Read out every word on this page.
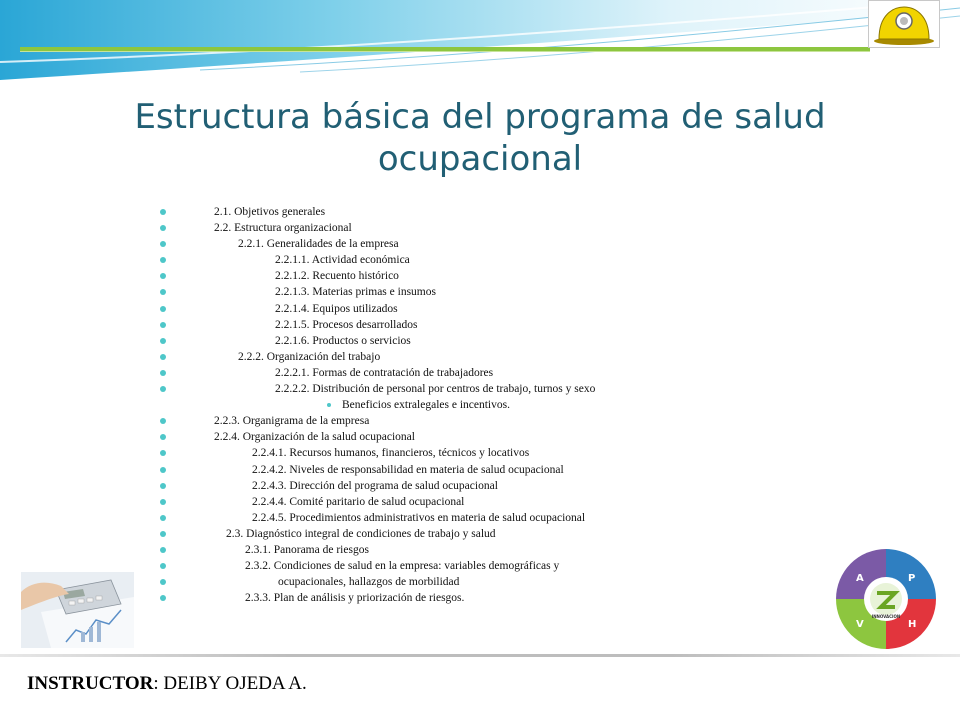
Estructura básica del programa de salud
ocupacional
2.1. Objetivos generales
2.2. Estructura organizacional
2.2.1. Generalidades de la empresa
2.2.1.1. Actividad económica
2.2.1.2. Recuento histórico
2.2.1.3. Materias primas e insumos
2.2.1.4. Equipos utilizados
2.2.1.5. Procesos desarrollados
2.2.1.6. Productos o servicios
2.2.2. Organización del trabajo
2.2.2.1. Formas de contratación de trabajadores
2.2.2.2. Distribución de personal por centros de trabajo, turnos y sexo
Beneficios extralegales e incentivos.
2.2.3. Organigrama de la empresa
2.2.4. Organización de la salud ocupacional
2.2.4.1. Recursos humanos, financieros, técnicos y locativos
2.2.4.2. Niveles de responsabilidad en materia de salud ocupacional
2.2.4.3. Dirección del programa de salud ocupacional
2.2.4.4. Comité paritario de salud ocupacional
2.2.4.5. Procedimientos administrativos en materia de salud ocupacional
2.3. Diagnóstico integral de condiciones de trabajo y salud
2.3.1. Panorama de riesgos
2.3.2. Condiciones de salud en la empresa: variables demográficas y
ocupacionales, hallazgos de morbilidad
2.3.3. Plan de análisis y priorización de riesgos.
A	P
V	H
INNOVACION
INSTRUCTOR: DEIBY OJEDA A.
